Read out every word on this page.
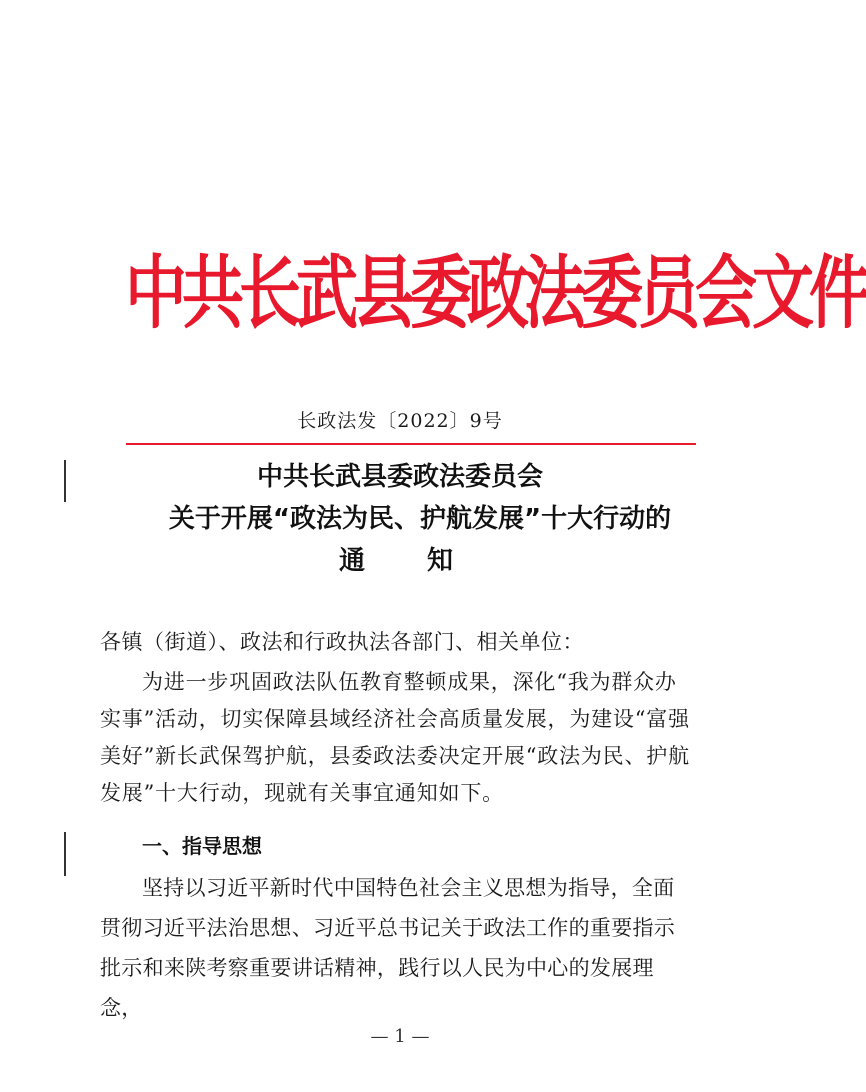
中共长武县委政法委员会文件
长政法发〔2022〕9号
中共长武县委政法委员会
关于开展“政法为民、护航发展”十大行动的
通 知
各镇（街道）、政法和行政执法各部门、相关单位：
为进一步巩固政法队伍教育整顿成果，深化“我为群众办实事”活动，切实保障县域经济社会高质量发展，为建设“富强美好”新长武保驾护航，县委政法委决定开展“政法为民、护航发展”十大行动，现就有关事宜通知如下。
一、指导思想
坚持以习近平新时代中国特色社会主义思想为指导，全面贯彻习近平法治思想、习近平总书记关于政法工作的重要指示批示和来陕考察重要讲话精神，践行以人民为中心的发展理念，
— 1 —
